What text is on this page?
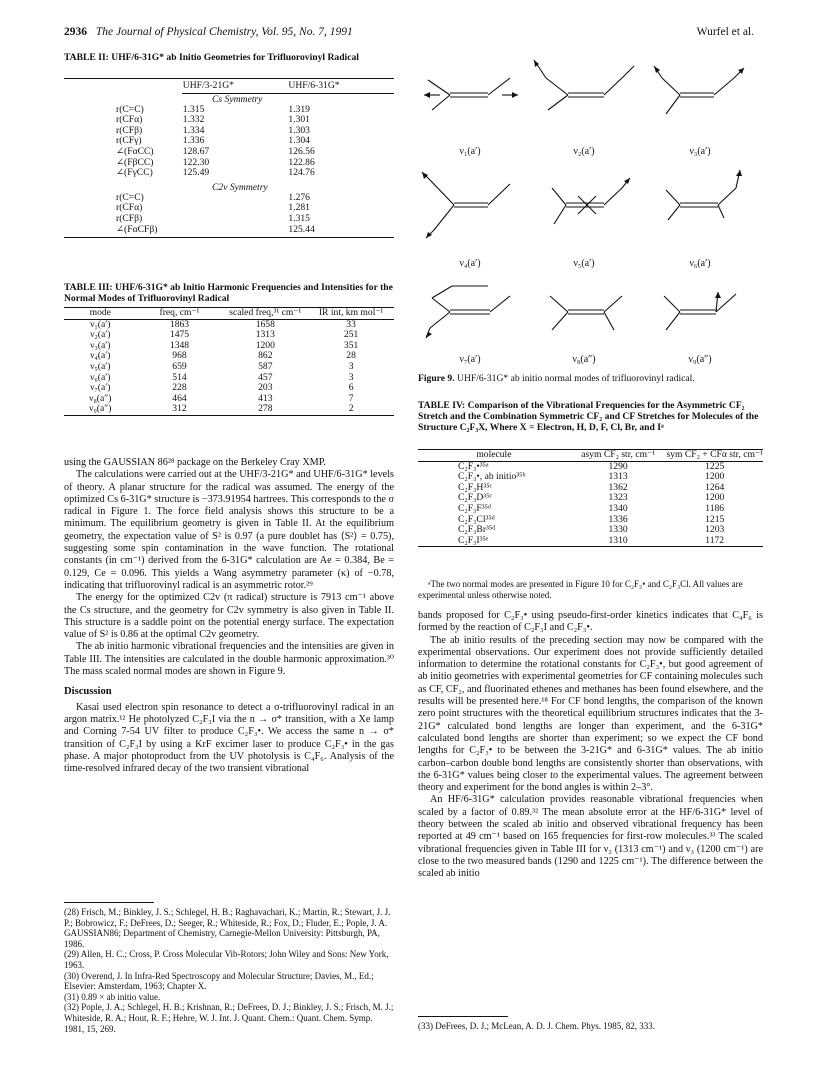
2936 The Journal of Physical Chemistry, Vol. 95, No. 7, 1991	Wurfel et al.
TABLE II: UHF/6-31G* ab Initio Geometries for Trifluorovinyl Radical
	UHF/3-21G*	UHF/6-31G*
Cs Symmetry
r(C=C)	1.315	1.319
r(CFα)	1.332	1.301
r(CFβ)	1.334	1.303
r(CFγ)	1.336	1.304
∠(FαCC)	128.67	126.56
∠(FβCC)	122.30	122.86
∠(FγCC)	125.49	124.76
C2v Symmetry
r(C=C)		1.276
r(CFα)		1.281
r(CFβ)		1.315
∠(FαCFβ)		125.44
TABLE III: UHF/6-31G* ab Initio Harmonic Frequencies and Intensities for the Normal Modes of Trifluorovinyl Radical
mode	freq, cm⁻¹	scaled freq,³¹ cm⁻¹	IR int, km mol⁻¹
ν₁(a′)	1863	1658	33
ν₂(a′)	1475	1313	251
ν₃(a′)	1348	1200	351
ν₄(a′)	968	862	28
ν₅(a′)	659	587	3
ν₆(a′)	514	457	3
ν₇(a′)	228	203	6
ν₈(a″)	464	413	7
ν₉(a″)	312	278	2

using the GAUSSIAN 86²⁸ package on the Berkeley Cray XMP.

The calculations were carried out at the UHF/3-21G* and UHF/6-31G* levels of theory. A planar structure for the radical was assumed. The energy of the optimized Cs 6-31G* structure is −373.91954 hartrees. This corresponds to the σ radical in Figure 1. The force field analysis shows this structure to be a minimum. The equilibrium geometry is given in Table II. At the equilibrium geometry, the expectation value of S² is 0.97 (a pure doublet has ⟨S²⟩ = 0.75), suggesting some spin contamination in the wave function. The rotational constants (in cm⁻¹) derived from the 6-31G* calculation are Ae = 0.384, Be = 0.129, Ce = 0.096. This yields a Wang asymmetry parameter (κ) of −0.78, indicating that trifluorovinyl radical is an asymmetric rotor.²⁹

The energy for the optimized C2v (π radical) structure is 7913 cm⁻¹ above the Cs structure, and the geometry for C2v symmetry is also given in Table II. This structure is a saddle point on the potential energy surface. The expectation value of S² is 0.86 at the optimal C2v geometry.

The ab initio harmonic vibrational frequencies and the intensities are given in Table III. The intensities are calculated in the double harmonic approximation.³⁰ The mass scaled normal modes are shown in Figure 9.

Discussion

Kasai used electron spin resonance to detect a σ-trifluorovinyl radical in an argon matrix.¹² He photolyzed C₂F₃I via the n → σ* transition, with a Xe lamp and Corning 7-54 UV filter to produce C₂F₃•. We access the same n → σ* transition of C₂F₃I by using a KrF excimer laser to produce C₂F₃• in the gas phase. A major photoproduct from the UV photolysis is C₄F₆. Analysis of the time-resolved infrared decay of the two transient vibrational

(28) Frisch, M.; Binkley, J. S.; Schlegel, H. B.; Raghavachari, K.; Martin, R.; Stewart, J. J. P.; Bobrowicz, F.; DeFrees, D.; Seeger, R.; Whiteside, R.; Fox, D.; Fluder, E.; Pople, J. A. GAUSSIAN86; Department of Chemistry, Carnegie-Mellon University: Pittsburgh, PA, 1986.
(29) Allen, H. C.; Cross, P. Cross Molecular Vib-Rotors; John Wiley and Sons: New York, 1963.
(30) Overend, J. In Infra-Red Spectroscopy and Molecular Structure; Davies, M., Ed.; Elsevier: Amsterdam, 1963; Chapter X.
(31) 0.89 × ab initio value.
(32) Pople, J. A.; Schlegel, H. B.; Krishnan, R.; DeFrees, D. J.; Binkley, J. S.; Frisch, M. J.; Whiteside, R. A.; Hout, R. F.; Hehre, W. J. Int. J. Quant. Chem.: Quant. Chem. Symp. 1981, 15, 269.
ν₁(a′)	ν₂(a′)	ν₃(a′)
ν₄(a′)	ν₅(a′)	ν₆(a′)
ν₇(a′)	ν₈(a″)	ν₉(a″)
Figure 9. UHF/6-31G* ab initio normal modes of trifluorovinyl radical.
TABLE IV: Comparison of the Vibrational Frequencies for the Asymmetric CF₂ Stretch and the Combination Symmetric CF₂ and CF Stretches for Molecules of the Structure C₂F₃X, Where X = Electron, H, D, F, Cl, Br, and Iᵃ
molecule	asym CF₂ str, cm⁻¹	sym CF₂ + CFα str, cm⁻¹
C₂F₃•³⁵ᵃ	1290	1225
C₂F₃•, ab initio³⁵ᵇ	1313	1200
C₂F₃H³⁵ᶜ	1362	1264
C₂F₃D³⁵ᶜ	1323	1200
C₂F₃F³⁵ᵈ	1340	1186
C₂F₃Cl³⁵ᵈ	1336	1215
C₂F₃Br³⁵ᵈ	1330	1203
C₂F₃I³⁵ᵉ	1310	1172
ᵃThe two normal modes are presented in Figure 10 for C₂F₃• and C₂F₃Cl. All values are experimental unless otherwise noted.

bands proposed for C₂F₃• using pseudo-first-order kinetics indicates that C₄F₆ is formed by the reaction of C₂F₃I and C₂F₃•.

The ab initio results of the preceding section may now be compared with the experimental observations. Our experiment does not provide sufficiently detailed information to determine the rotational constants for C₂F₃•, but good agreement of ab initio geometries with experimental geometries for CF containing molecules such as CF, CF₂, and fluorinated ethenes and methanes has been found elsewhere, and the results will be presented here.¹⁸ For CF bond lengths, the comparison of the known zero point structures with the theoretical equilibrium structures indicates that the 3-21G* calculated bond lengths are longer than experiment, and the 6-31G* calculated bond lengths are shorter than experiment; so we expect the CF bond lengths for C₂F₃• to be between the 3-21G* and 6-31G* values. The ab initio carbon–carbon double bond lengths are consistently shorter than observations, with the 6-31G* values being closer to the experimental values. The agreement between theory and experiment for the bond angles is within 2–3°.

An HF/6-31G* calculation provides reasonable vibrational frequencies when scaled by a factor of 0.89.³² The mean absolute error at the HF/6-31G* level of theory between the scaled ab initio and observed vibrational frequency has been reported at 49 cm⁻¹ based on 165 frequencies for first-row molecules.³³ The scaled vibrational frequencies given in Table III for ν₂ (1313 cm⁻¹) and ν₃ (1200 cm⁻¹) are close to the two measured bands (1290 and 1225 cm⁻¹). The difference between the scaled ab initio

(33) DeFrees, D. J.; McLean, A. D. J. Chem. Phys. 1985, 82, 333.
